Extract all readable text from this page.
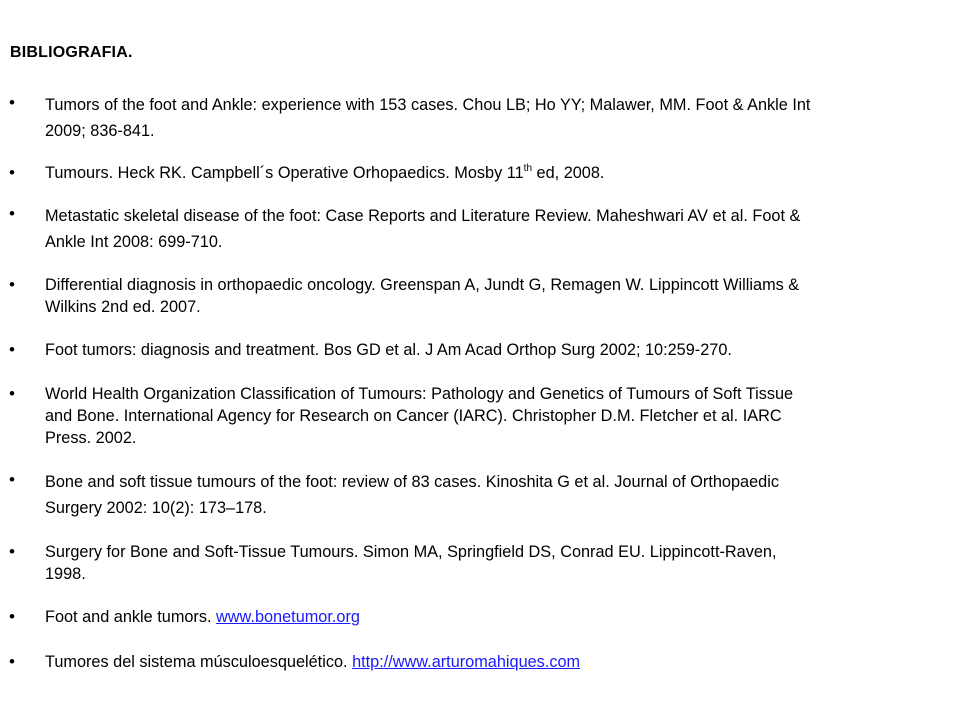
BIBLIOGRAFIA.
• Tumors of the foot and Ankle: experience with 153 cases. Chou LB; Ho YY; Malawer, MM. Foot & Ankle Int
2009; 836-841.
• Tumours. Heck RK. Campbell´s Operative Orhopaedics. Mosby 11th ed, 2008.
• Metastatic skeletal disease of the foot: Case Reports and Literature Review. Maheshwari AV et al. Foot &
Ankle Int 2008: 699-710.
• Differential diagnosis in orthopaedic oncology. Greenspan A, Jundt G, Remagen W. Lippincott Williams &
Wilkins 2nd ed. 2007.
• Foot tumors: diagnosis and treatment. Bos GD et al. J Am Acad Orthop Surg 2002; 10:259-270.
• World Health Organization Classification of Tumours: Pathology and Genetics of Tumours of Soft Tissue
and Bone. International Agency for Research on Cancer (IARC). Christopher D.M. Fletcher et al. IARC
Press. 2002.
• Bone and soft tissue tumours of the foot: review of 83 cases. Kinoshita G et al. Journal of Orthopaedic
Surgery 2002: 10(2): 173–178.
• Surgery for Bone and Soft-Tissue Tumours. Simon MA, Springfield DS, Conrad EU. Lippincott-Raven,
1998.
• Foot and ankle tumors. www.bonetumor.org
• Tumores del sistema músculoesquelético. http://www.arturomahiques.com
